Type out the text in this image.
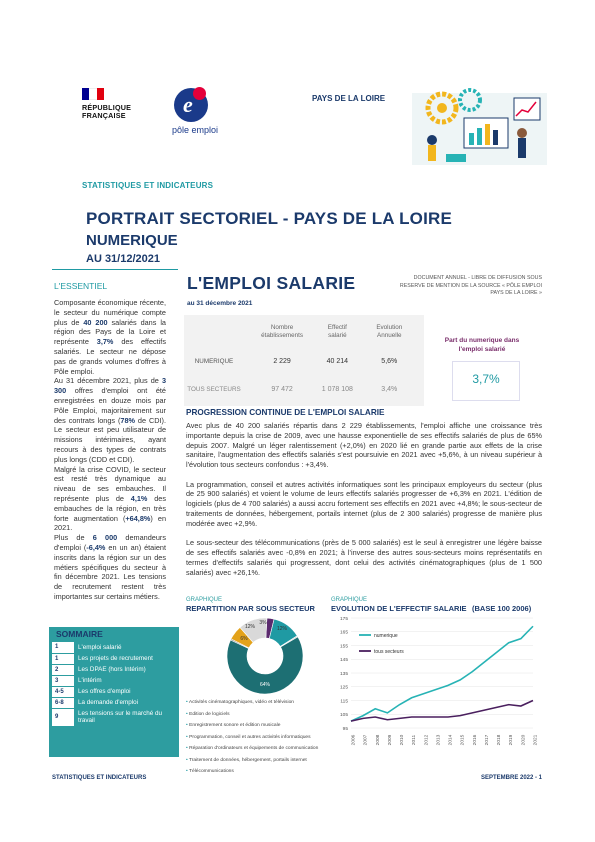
RÉPUBLIQUE
FRANÇAISE	e
pôle emploi
PAYS DE LA LOIRE
STATISTIQUES ET INDICATEURS
PORTRAIT SECTORIEL - PAYS DE LA LOIRE
NUMERIQUE
AU 31/12/2021
L'ESSENTIEL

Composante économique récente, le secteur du numérique compte plus de 40 200 salariés dans la région des Pays de la Loire et représente 3,7% des effectifs salariés. Le secteur ne dépose pas de grands volumes d'offres à Pôle emploi.

Au 31 décembre 2021, plus de 3 300 offres d'emploi ont été enregistrées en douze mois par Pôle Emploi, majoritairement sur des contrats longs (78% de CDI). Le secteur est peu utilisateur de missions intérimaires, ayant recours à des types de contrats plus longs (CDD et CDI).

Malgré la crise COVID, le secteur est resté très dynamique au niveau de ses embauches. Il représente plus de 4,1% des embauches de la région, en très forte augmentation (+64,8%) en 2021.

Plus de 6 000 demandeurs d'emploi (-6,4% en un an) étaient inscrits dans la région sur un des métiers spécifiques du secteur à fin décembre 2021. Les tensions de recrutement restent très importantes sur certains métiers.

L'EMPLOI SALARIE
au 31 décembre 2021
DOCUMENT ANNUEL - LIBRE DE DIFFUSION SOUS RESERVE DE MENTION DE LA SOURCE « PÔLE EMPLOI PAYS DE LA LOIRE »
	Nombre établissements	Effectif salarié	Evolution Annuelle
NUMERIQUE	2 229	40 214	5,6%
TOUS SECTEURS	97 472	1 078 108	3,4%
Part du numerique dans l'emploi salarié
3,7%
PROGRESSION CONTINUE DE L'EMPLOI SALARIE

Avec plus de 40 200 salariés répartis dans 2 229 établissements, l'emploi affiche une croissance très importante depuis la crise de 2009, avec une hausse exponentielle de ses effectifs salariés de plus de 65% depuis 2007. Malgré un léger ralentissement (+2,0%) en 2020 lié en grande partie aux effets de la crise sanitaire, l'augmentation des effectifs salariés s'est poursuivie en 2021 avec +5,6%, à un niveau supérieur à l'évolution tous secteurs confondus : +3,4%.

La programmation, conseil et autres activités informatiques sont les principaux employeurs du secteur (plus de 25 900 salariés) et voient le volume de leurs effectifs salariés progresser de +6,3% en 2021. L'édition de logiciels (plus de 4 700 salariés) a aussi accru fortement ses effectifs en 2021 avec +4,8%; le sous-secteur de traitements de données, hébergement, portails internet (plus de 2 300 salariés) progresse de manière plus modérée avec +2,9%.

Le sous-secteur des télécommunications (près de 5 000 salariés) est le seul à enregistrer une légère baisse de ses effectifs salariés avec -0,8% en 2021; à l'inverse des autres sous-secteurs moins représentatifs en termes d'effectifs salariés qui progressent, dont celui des activités cinématographiques (plus de 1 500 salariés) avec +26,1%.

SOMMAIRE
1	L'emploi salarié
1	Les projets de recrutement
2	Les DPAE (hors Intérim)
3	L'intérim
4-5	Les offres d'emploi
6-8	La demande d'emploi
9	Les tensions sur le marché du travail
GRAPHIQUE
REPARTITION PAR SOUS SECTEUR
3%
12%
12%
64%
6%
• Activités cinématographiques, vidéo et télévision
• Edition de logiciels
• Enregistrement sonore et édition musicale
• Programmation, conseil et autres activités informatiques
• Réparation d'ordinateurs et équipements de communication
• Traitement de données, hébergement, portails internet
• Télécommunications
GRAPHIQUE
EVOLUTION DE L'EFFECTIF SALARIE (BASE 100 2006)
95
105
115
125
135
145
155
165
175
2006 2007 2008 2009 2010 2011 2012 2013 2014 2015 2016 2017 2018 2019 2020 2021
numerique
tous secteurs
STATISTIQUES ET INDICATEURS	SEPTEMBRE 2022 - 1
